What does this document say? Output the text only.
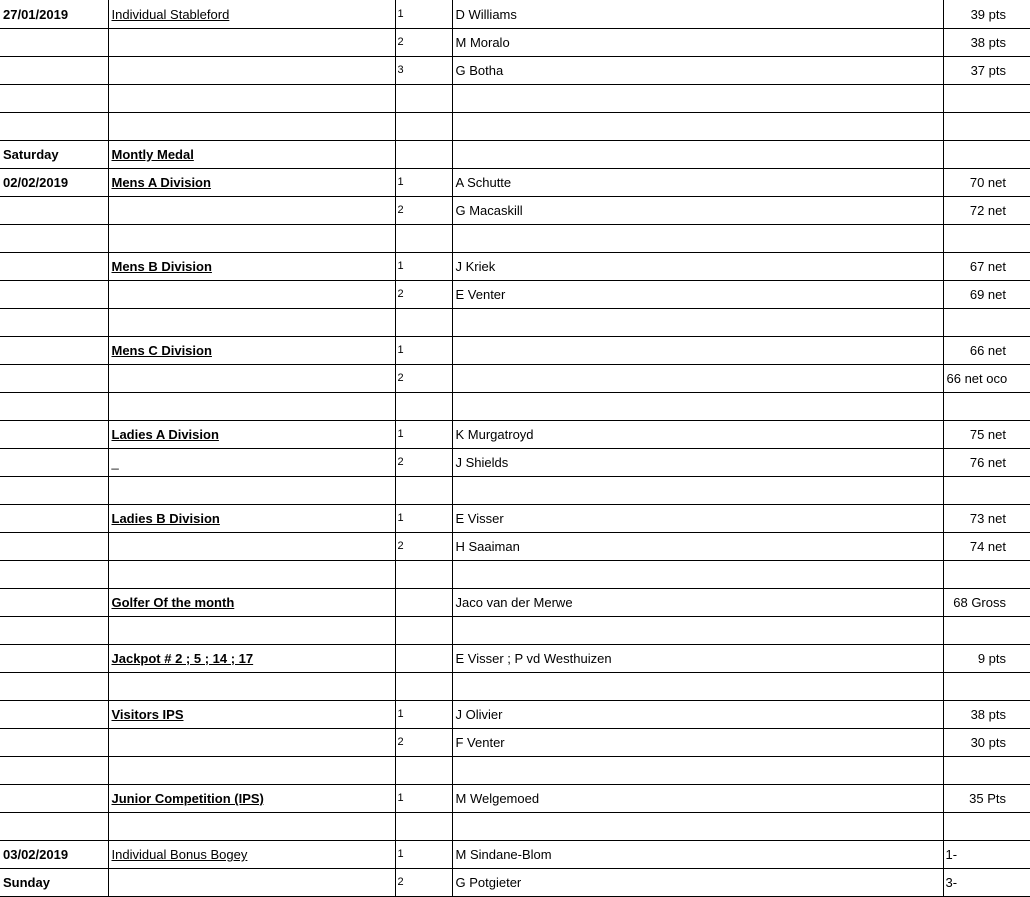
27/01/2019	Individual Stableford	1	D Williams	39 pts
		2	M Moralo	38 pts
		3	G Botha	37 pts

Saturday	Montly Medal			
02/02/2019	Mens A Division	1	A Schutte	70 net
		2	G Macaskill	72 net

	Mens B Division	1	J Kriek	67 net
		2	E Venter	69 net

	Mens C Division	1		66 net
		2		66 net oco

	Ladies A Division	1	K Murgatroyd	75 net
	_	2	J Shields	76 net

	Ladies B Division	1	E Visser	73 net
		2	H Saaiman	74 net

	Golfer Of the month		Jaco van der Merwe	68 Gross

	Jackpot # 2 ; 5 ; 14 ; 17		E Visser ; P vd Westhuizen	9 pts

	Visitors IPS	1	J Olivier	38 pts
		2	F Venter	30 pts

	Junior Competition (IPS)	1	M Welgemoed	35 Pts

03/02/2019	Individual Bonus Bogey	1	M Sindane-Blom	1-
Sunday		2	G Potgieter	3-
